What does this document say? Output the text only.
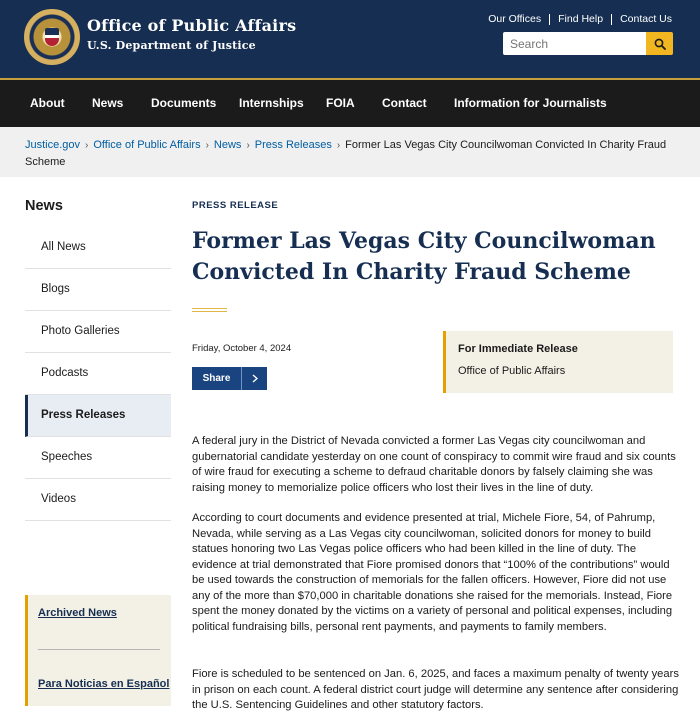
Office of Public Affairs
U.S. Department of Justice
Our Offices	Find Help	Contact Us
Search
About News Documents Internships FOIA Contact Information for Journalists
Justice.gov › Office of Public Affairs › News › Press Releases › Former Las Vegas City Councilwoman Convicted In Charity Fraud Scheme
News
All News
Blogs
Photo Galleries
Podcasts
Press Releases
Speeches
Videos
Archived News
Para Noticias en Español
PRESS RELEASE
Former Las Vegas City Councilwoman Convicted In Charity Fraud Scheme
Friday, October 4, 2024
Share
For Immediate Release
Office of Public Affairs

A federal jury in the District of Nevada convicted a former Las Vegas city councilwoman and gubernatorial candidate yesterday on one count of conspiracy to commit wire fraud and six counts of wire fraud for executing a scheme to defraud charitable donors by falsely claiming she was raising money to memorialize police officers who lost their lives in the line of duty.

According to court documents and evidence presented at trial, Michele Fiore, 54, of Pahrump, Nevada, while serving as a Las Vegas city councilwoman, solicited donors for money to build statues honoring two Las Vegas police officers who had been killed in the line of duty. The evidence at trial demonstrated that Fiore promised donors that “100% of the contributions” would be used towards the construction of memorials for the fallen officers. However, Fiore did not use any of the more than $70,000 in charitable donations she raised for the memorials. Instead, Fiore spent the money donated by the victims on a variety of personal and political expenses, including political fundraising bills, personal rent payments, and payments to family members.

Fiore is scheduled to be sentenced on Jan. 6, 2025, and faces a maximum penalty of twenty years in prison on each count. A federal district court judge will determine any sentence after considering the U.S. Sentencing Guidelines and other statutory factors.
